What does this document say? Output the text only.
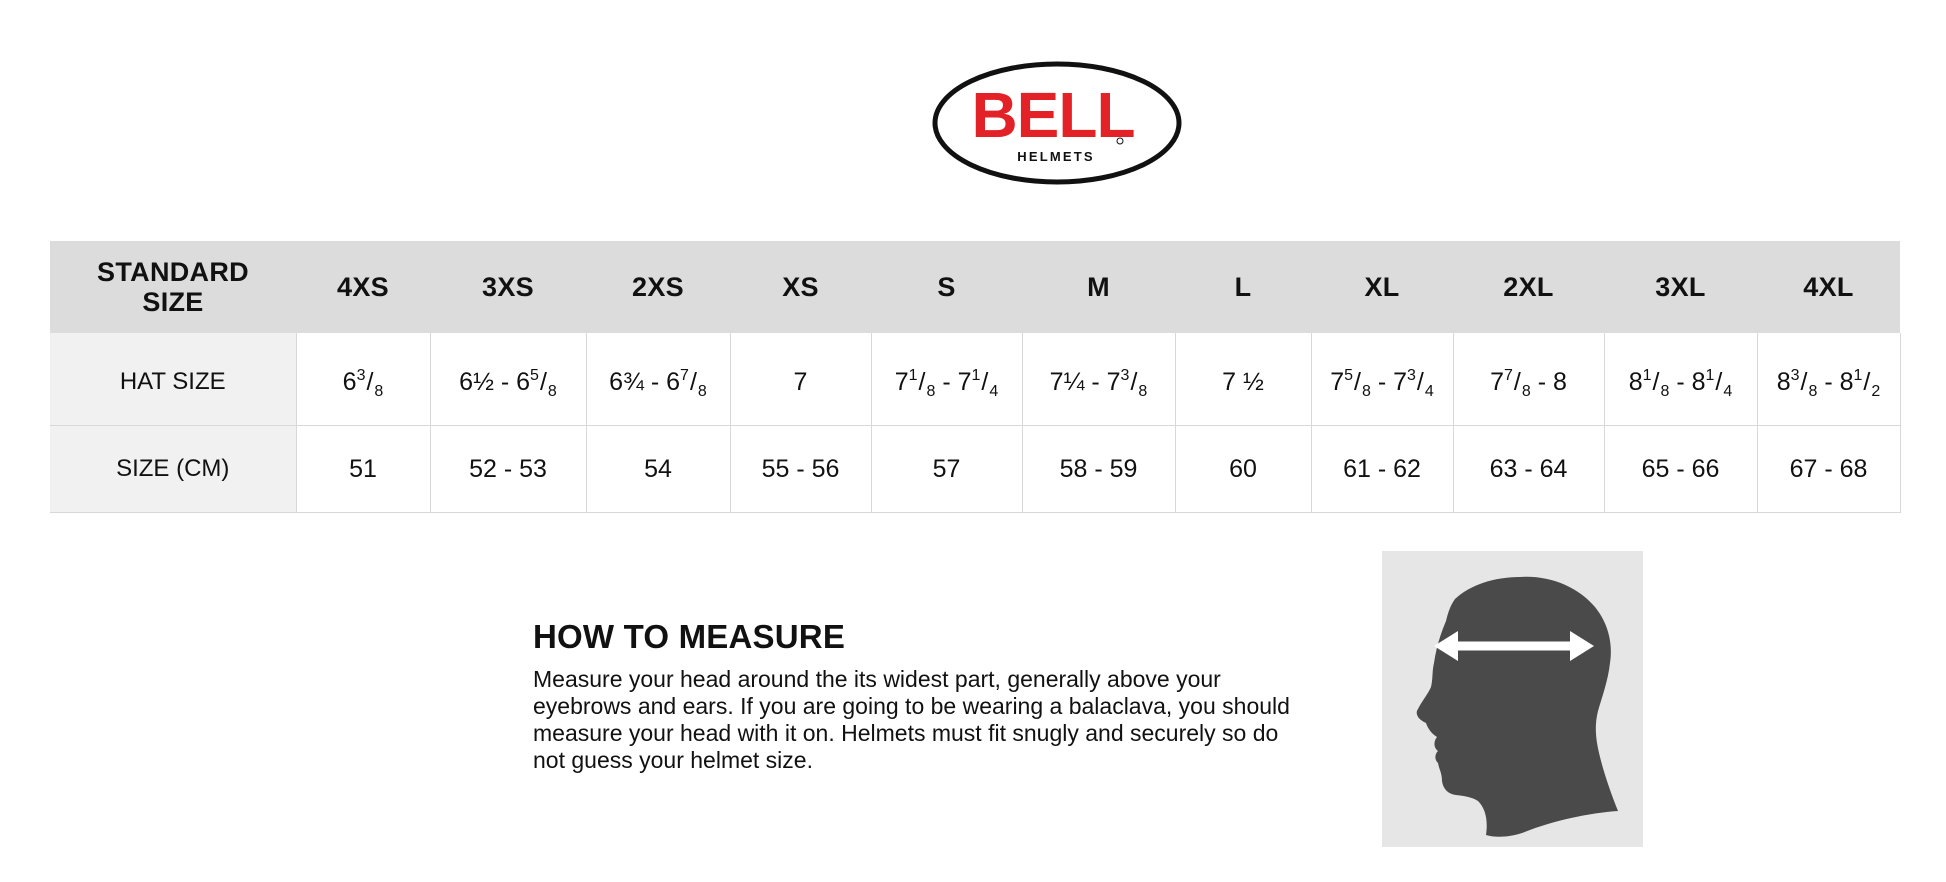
BELL
HELMETS
STANDARD
SIZE	4XS	3XS	2XS	XS	S	M	L	XL	2XL	3XL	4XL
HAT SIZE	$6^3/_8$	6½ - $6^5/_8$	6¾ - $6^7/_8$	7	$7^1/_8 - 7^1/_4$	7¼ - $7^3/_8$	7 ½	$7^5/_8 - 7^3/_4$	$7^7/_8 - 8$	$8^1/_8 - 8^1/_4$	$8^3/_8 - 8^1/_2$
SIZE (CM)	51	52 - 53	54	55 - 56	57	58 - 59	60	61 - 62	63 - 64	65 - 66	67 - 68
HOW TO MEASURE

Measure your head around the its widest part, generally above your eyebrows and ears. If you are going to be wearing a balaclava, you should measure your head with it on. Helmets must fit snugly and securely so do not guess your helmet size.
